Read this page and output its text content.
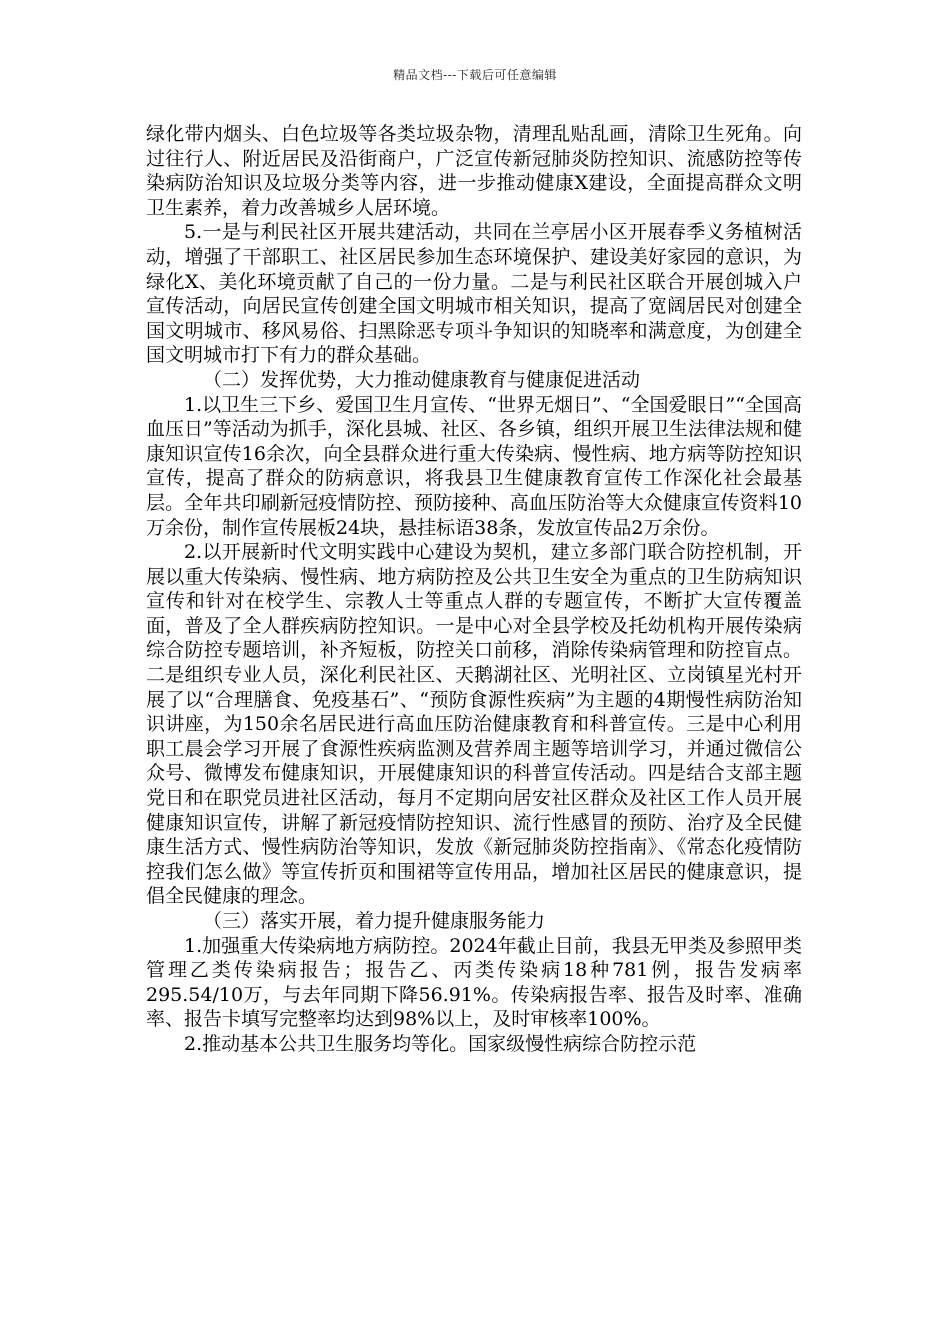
精品文档---下载后可任意编辑

绿化带内烟头、白色垃圾等各类垃圾杂物，清理乱贴乱画，清除卫生死角。向过往行人、附近居民及沿街商户，广泛宣传新冠肺炎防控知识、流感防控等传染病防治知识及垃圾分类等内容，进一步推动健康X建设，全面提高群众文明卫生素养，着力改善城乡人居环境。

5.一是与利民社区开展共建活动，共同在兰亭居小区开展春季义务植树活动，增强了干部职工、社区居民参加生态环境保护、建设美好家园的意识，为绿化X、美化环境贡献了自己的一份力量。二是与利民社区联合开展创城入户宣传活动，向居民宣传创建全国文明城市相关知识，提高了宽阔居民对创建全国文明城市、移风易俗、扫黑除恶专项斗争知识的知晓率和满意度，为创建全国文明城市打下有力的群众基础。

（二）发挥优势，大力推动健康教育与健康促进活动

1.以卫生三下乡、爱国卫生月宣传、“世界无烟日”、“全国爱眼日”“全国高血压日”等活动为抓手，深化县城、社区、各乡镇，组织开展卫生法律法规和健康知识宣传16余次，向全县群众进行重大传染病、慢性病、地方病等防控知识宣传，提高了群众的防病意识，将我县卫生健康教育宣传工作深化社会最基层。全年共印刷新冠疫情防控、预防接种、高血压防治等大众健康宣传资料10万余份，制作宣传展板24块，悬挂标语38条，发放宣传品2万余份。

2.以开展新时代文明实践中心建设为契机，建立多部门联合防控机制，开展以重大传染病、慢性病、地方病防控及公共卫生安全为重点的卫生防病知识宣传和针对在校学生、宗教人士等重点人群的专题宣传，不断扩大宣传覆盖面，普及了全人群疾病防控知识。一是中心对全县学校及托幼机构开展传染病综合防控专题培训，补齐短板，防控关口前移，消除传染病管理和防控盲点。二是组织专业人员，深化利民社区、天鹅湖社区、光明社区、立岗镇星光村开展了以“合理膳食、免疫基石”、“预防食源性疾病”为主题的4期慢性病防治知识讲座，为150余名居民进行高血压防治健康教育和科普宣传。三是中心利用职工晨会学习开展了食源性疾病监测及营养周主题等培训学习，并通过微信公众号、微博发布健康知识，开展健康知识的科普宣传活动。四是结合支部主题党日和在职党员进社区活动，每月不定期向居安社区群众及社区工作人员开展健康知识宣传，讲解了新冠疫情防控知识、流行性感冒的预防、治疗及全民健康生活方式、慢性病防治等知识，发放《新冠肺炎防控指南》、《常态化疫情防控我们怎么做》等宣传折页和围裙等宣传用品，增加社区居民的健康意识，提倡全民健康的理念。

（三）落实开展，着力提升健康服务能力

1.加强重大传染病地方病防控。2024年截止目前，我县无甲类及参照甲类管理乙类传染病报告；报告乙、丙类传染病18种781例，报告发病率295.54/10万，与去年同期下降56.91%。传染病报告率、报告及时率、准确率、报告卡填写完整率均达到98%以上，及时审核率100%。

2.推动基本公共卫生服务均等化。国家级慢性病综合防控示范
